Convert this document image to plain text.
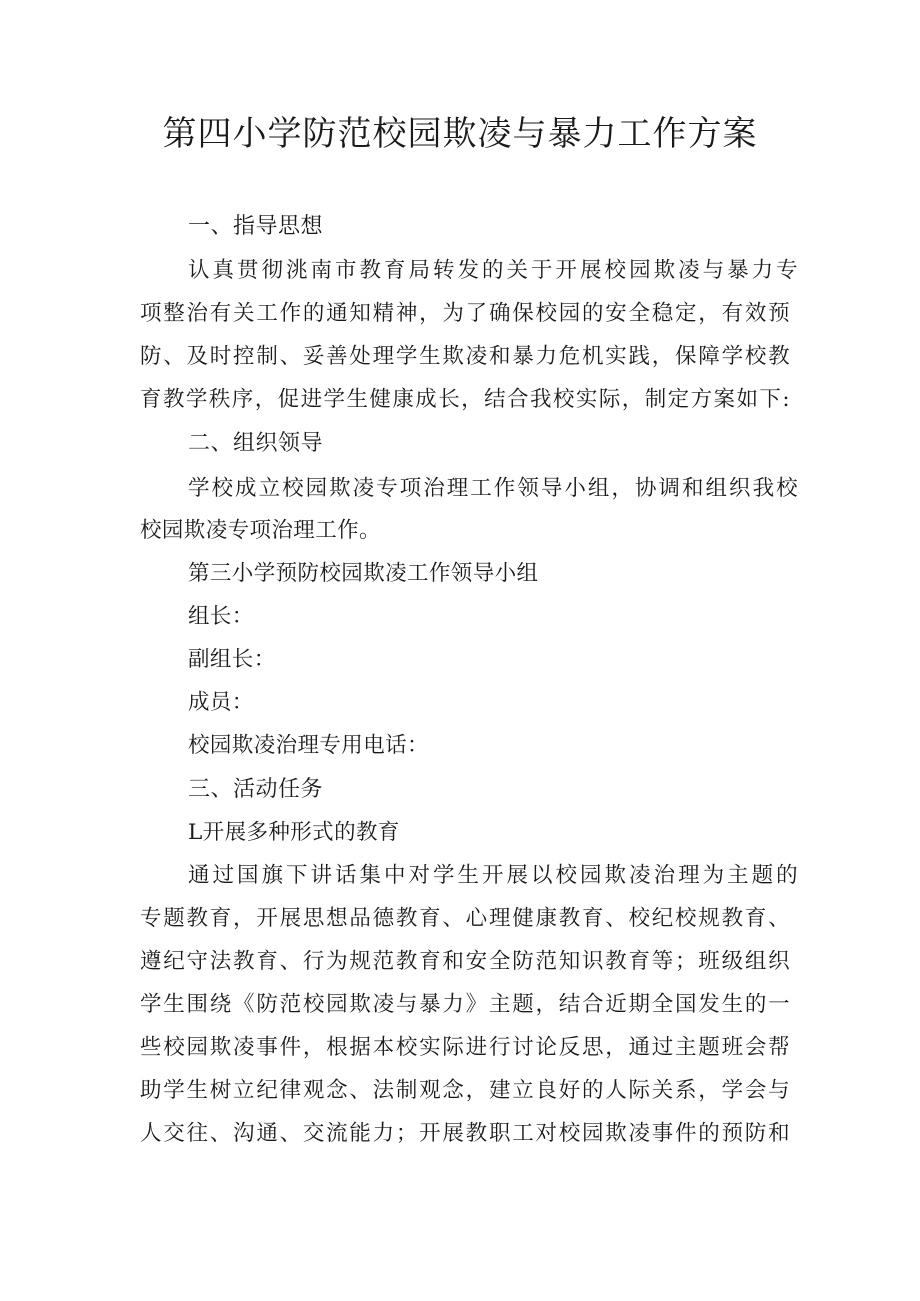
第四小学防范校园欺凌与暴力工作方案
一、指导思想
认真贯彻洮南市教育局转发的关于开展校园欺凌与暴力专
项整治有关工作的通知精神，为了确保校园的安全稳定，有效预
防、及时控制、妥善处理学生欺凌和暴力危机实践，保障学校教
育教学秩序，促进学生健康成长，结合我校实际，制定方案如下:
二、组织领导
学校成立校园欺凌专项治理工作领导小组，协调和组织我校
校园欺凌专项治理工作。
第三小学预防校园欺凌工作领导小组
组长：
副组长：
成员：
校园欺凌治理专用电话：
三、活动任务
L开展多种形式的教育
通过国旗下讲话集中对学生开展以校园欺凌治理为主题的
专题教育，开展思想品德教育、心理健康教育、校纪校规教育、
遵纪守法教育、行为规范教育和安全防范知识教育等；班级组织
学生围绕《防范校园欺凌与暴力》主题，结合近期全国发生的一
些校园欺凌事件，根据本校实际进行讨论反思，通过主题班会帮
助学生树立纪律观念、法制观念，建立良好的人际关系，学会与
人交往、沟通、交流能力；开展教职工对校园欺凌事件的预防和
